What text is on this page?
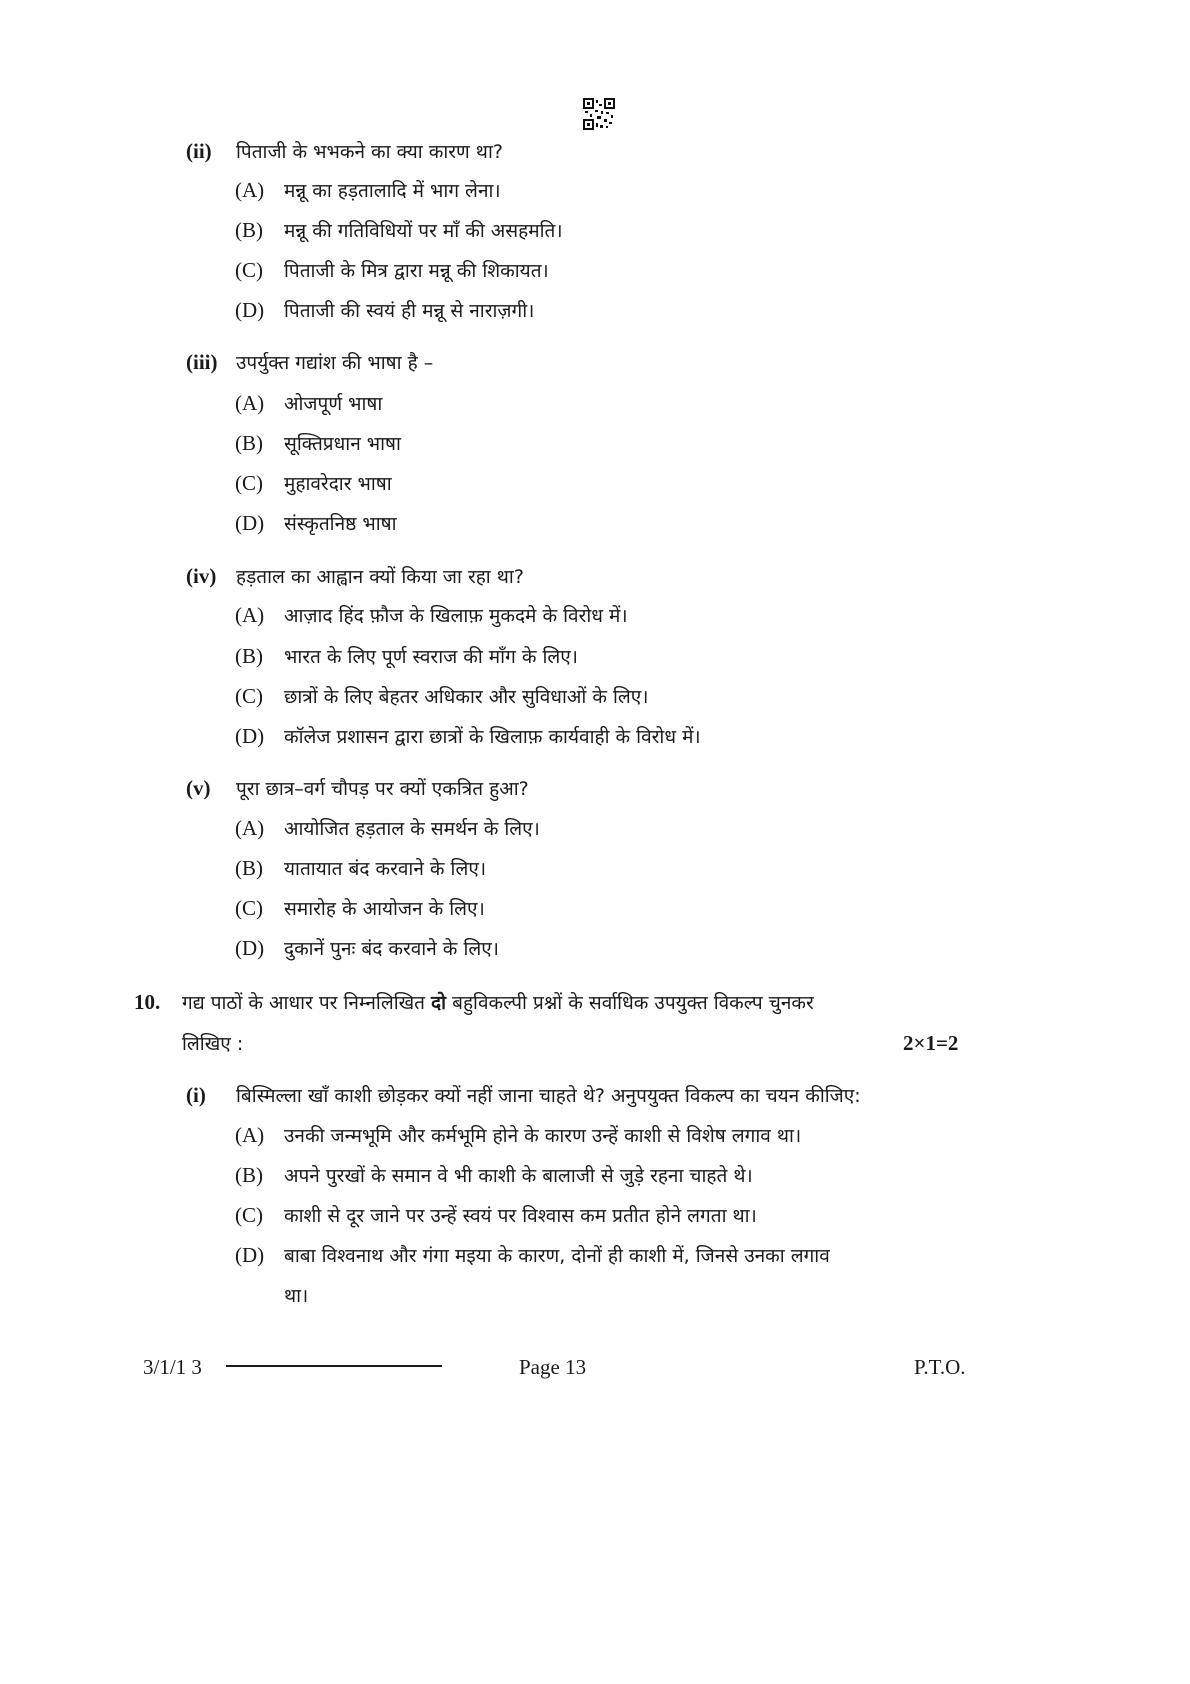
(ii) पिताजी के भभकने का क्या कारण था?
(A) मन्नू का हड़तालादि में भाग लेना।
(B) मन्नू की गतिविधियों पर माँ की असहमति।
(C) पिताजी के मित्र द्वारा मन्नू की शिकायत।
(D) पिताजी की स्वयं ही मन्नू से नाराज़गी।
(iii) उपर्युक्त गद्यांश की भाषा है –
(A) ओजपूर्ण भाषा
(B) सूक्तिप्रधान भाषा
(C) मुहावरेदार भाषा
(D) संस्कृतनिष्ठ भाषा
(iv) हड़ताल का आह्वान क्यों किया जा रहा था?
(A) आज़ाद हिंद फ़ौज के खिलाफ़ मुकदमे के विरोध में।
(B) भारत के लिए पूर्ण स्वराज की माँग के लिए।
(C) छात्रों के लिए बेहतर अधिकार और सुविधाओं के लिए।
(D) कॉलेज प्रशासन द्वारा छात्रों के खिलाफ़ कार्यवाही के विरोध में।
(v) पूरा छात्र–वर्ग चौपड़ पर क्यों एकत्रित हुआ?
(A) आयोजित हड़ताल के समर्थन के लिए।
(B) यातायात बंद करवाने के लिए।
(C) समारोह के आयोजन के लिए।
(D) दुकानें पुनः बंद करवाने के लिए।
10. गद्य पाठों के आधार पर निम्नलिखित दो बहुविकल्पी प्रश्नों के सर्वाधिक उपयुक्त विकल्प चुनकर
लिखिए :	2×1=2
(i) बिस्मिल्ला खाँ काशी छोड़कर क्यों नहीं जाना चाहते थे? अनुपयुक्त विकल्प का चयन कीजिए:
(A) उनकी जन्मभूमि और कर्मभूमि होने के कारण उन्हें काशी से विशेष लगाव था।
(B) अपने पुरखों के समान वे भी काशी के बालाजी से जुड़े रहना चाहते थे।
(C) काशी से दूर जाने पर उन्हें स्वयं पर विश्वास कम प्रतीत होने लगता था।
(D) बाबा विश्वनाथ और गंगा मइया के कारण, दोनों ही काशी में, जिनसे उनका लगाव
था।
3/1/1 3	Page 13	P.T.O.
